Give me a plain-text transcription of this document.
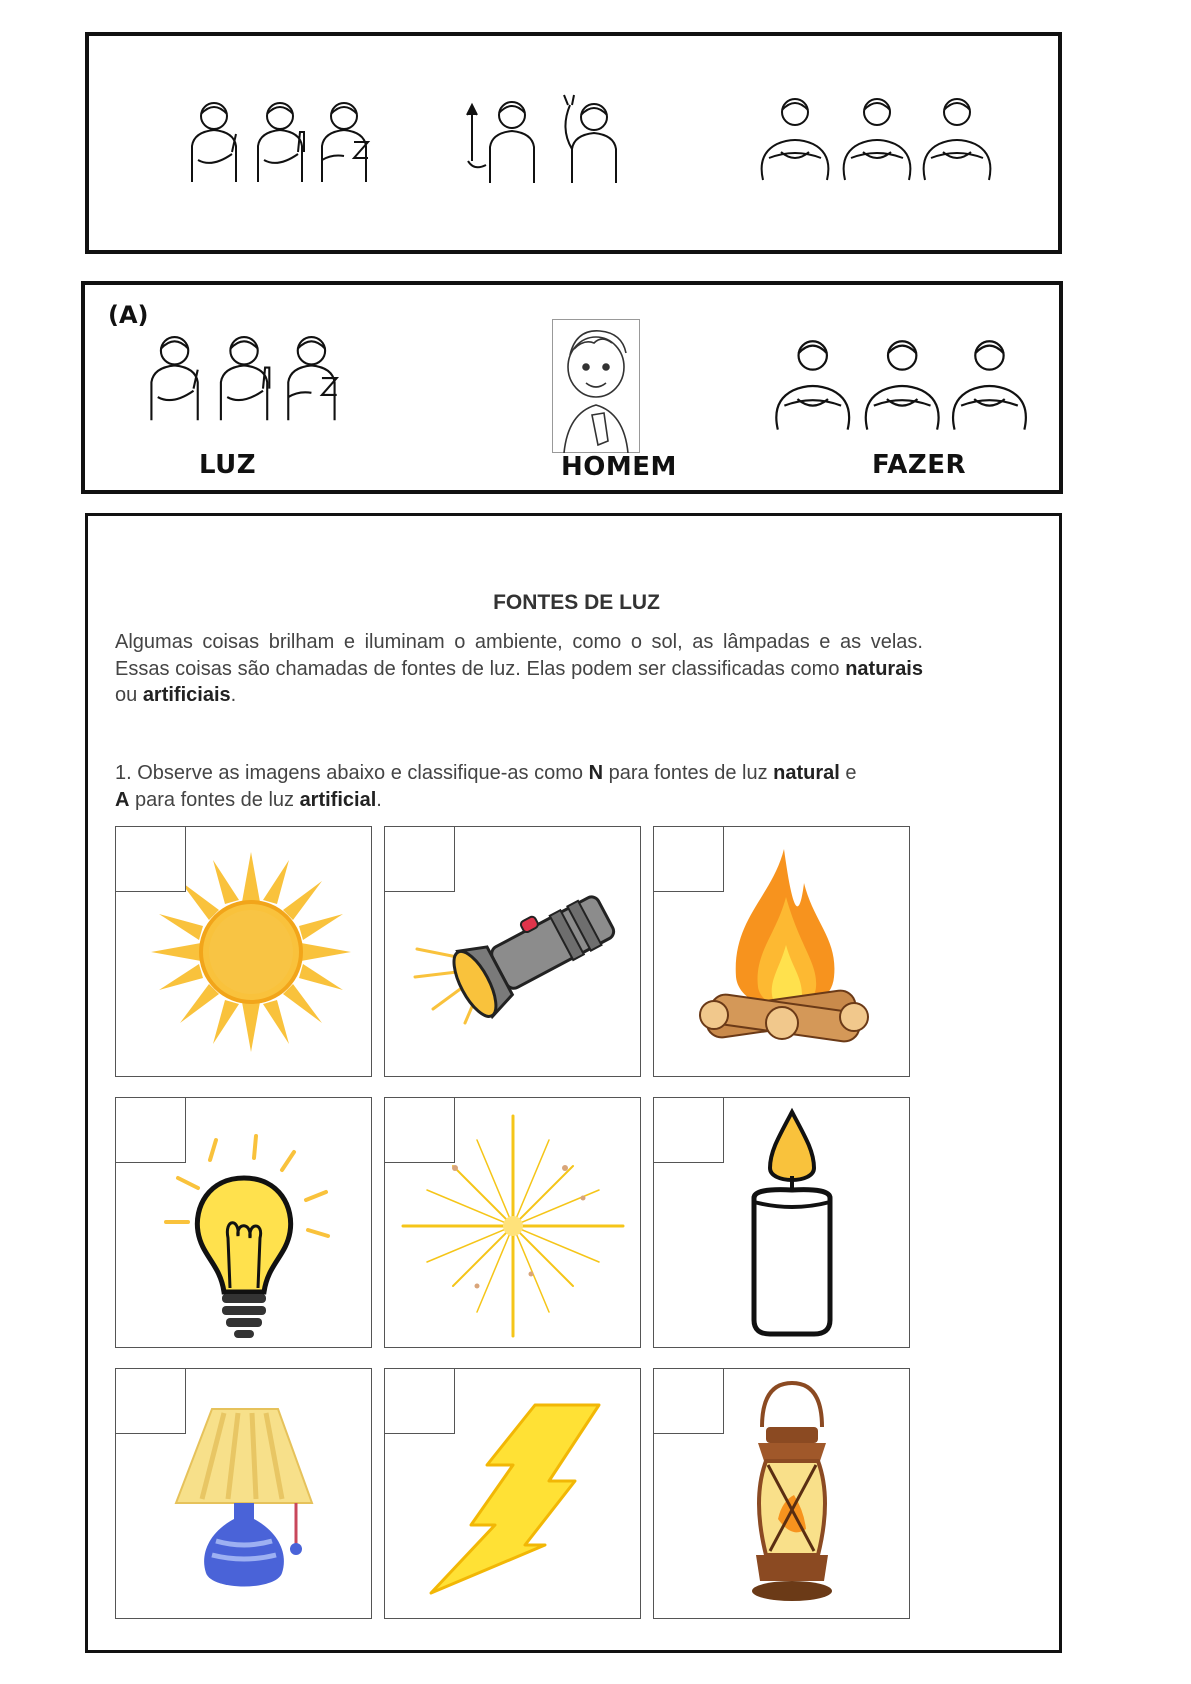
(A)
LUZ	HOMEM	FAZER
FONTES DE LUZ
Algumas coisas brilham e iluminam o ambiente, como o sol, as lâmpadas e as velas. Essas coisas são chamadas de fontes de luz. Elas podem ser classificadas como naturais ou artificiais.
1. Observe as imagens abaixo e classifique-as como N para fontes de luz natural e
A para fontes de luz artificial.
